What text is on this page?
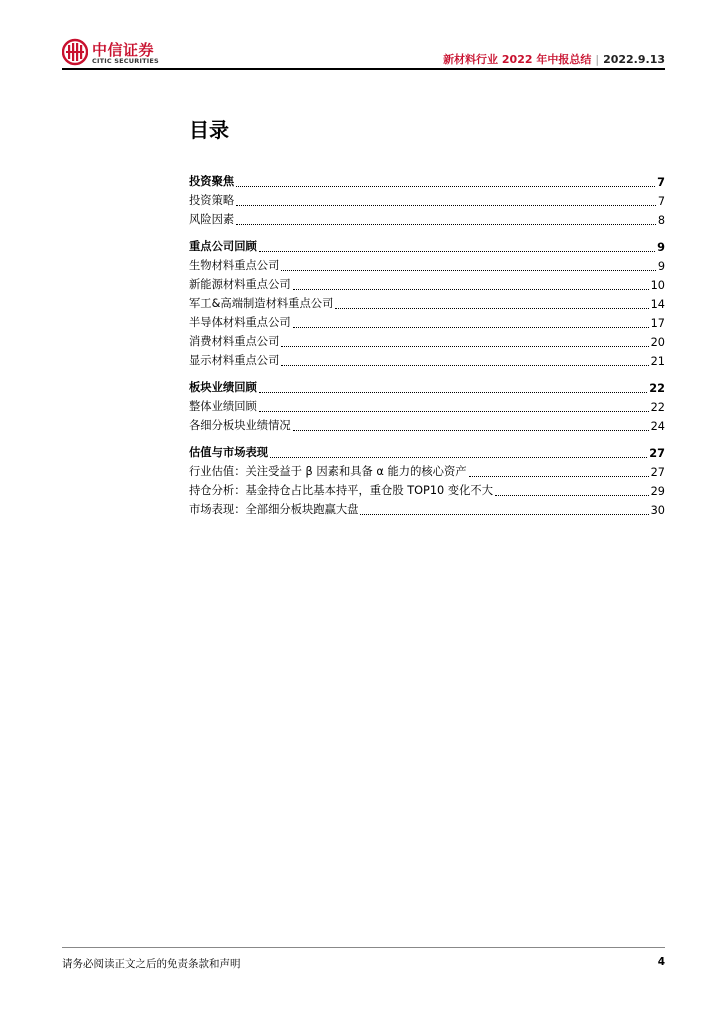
中信证券
CITIC SECURITIES	新材料行业 2022 年中报总结 | 2022.9.13
目录
投资聚焦	7
投资策略	7
风险因素	8
重点公司回顾	9
生物材料重点公司	9
新能源材料重点公司	10
军工&高端制造材料重点公司	14
半导体材料重点公司	17
消费材料重点公司	20
显示材料重点公司	21
板块业绩回顾	22
整体业绩回顾	22
各细分板块业绩情况	24
估值与市场表现	27
行业估值：关注受益于 β 因素和具备 α 能力的核心资产	27
持仓分析：基金持仓占比基本持平，重仓股 TOP10 变化不大	29
市场表现：全部细分板块跑赢大盘	30
请务必阅读正文之后的免责条款和声明	4
